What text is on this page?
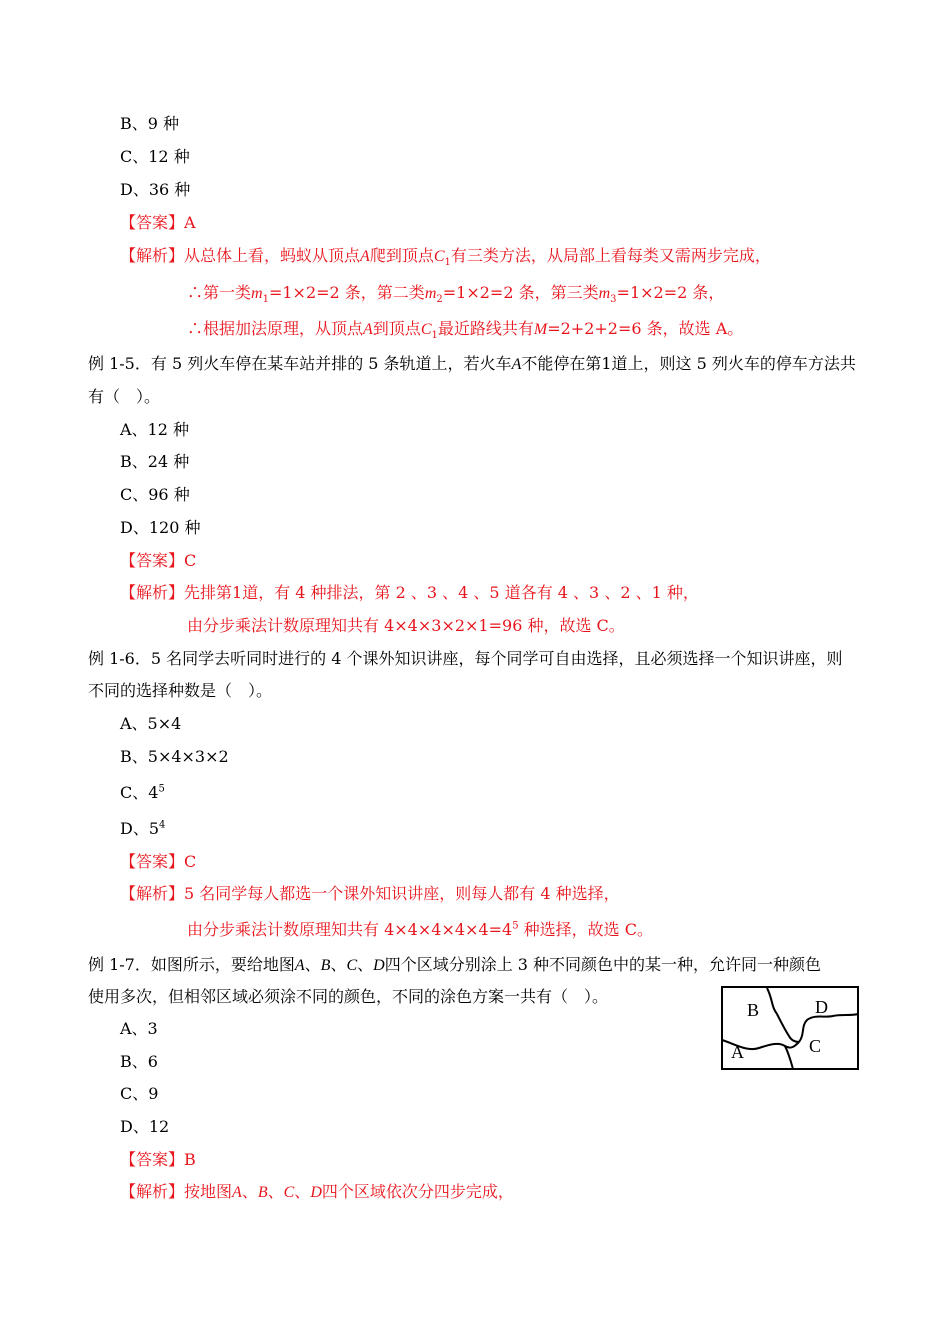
B、9 种
C、12 种
D、36 种
【答案】A
【解析】从总体上看，蚂蚁从顶点A爬到顶点$C_1$有三类方法，从局部上看每类又需两步完成，
∴第一类$m_1=1\times 2=2$ 条，第二类$m_2=1\times 2=2$ 条，第三类$m_3=1\times 2=2$ 条，
∴根据加法原理，从顶点A到顶点$C_1$最近路线共有M=2+2+2=6 条，故选 A。
例 1-5．有 5 列火车停在某车站并排的 5 条轨道上，若火车A不能停在第1道上，则这 5 列火车的停车方法共
有（　）。
A、12 种
B、24 种
C、96 种
D、120 种
【答案】C
【解析】先排第1道，有 4 种排法，第 2 、3 、4 、5 道各有 4 、3 、2 、1 种，
由分步乘法计数原理知共有 4×4×3×2×1=96 种，故选 C。
例 1-6．5 名同学去听同时进行的 4 个课外知识讲座，每个同学可自由选择，且必须选择一个知识讲座，则
不同的选择种数是（　）。
A、5×4
B、5×4×3×2
C、$4^5$
D、$5^4$
【答案】C
【解析】5 名同学每人都选一个课外知识讲座，则每人都有 4 种选择，
由分步乘法计数原理知共有 $4\times 4\times 4\times 4\times 4=4^5$ 种选择，故选 C。
例 1-7．如图所示，要给地图A、B、C、D四个区域分别涂上 3 种不同颜色中的某一种，允许同一种颜色
使用多次，但相邻区域必须涂不同的颜色，不同的涂色方案一共有（　）。
A、3
B、6
C、9
D、12
【答案】B
【解析】按地图A、B、C、D四个区域依次分四步完成，
B	D
A	C
